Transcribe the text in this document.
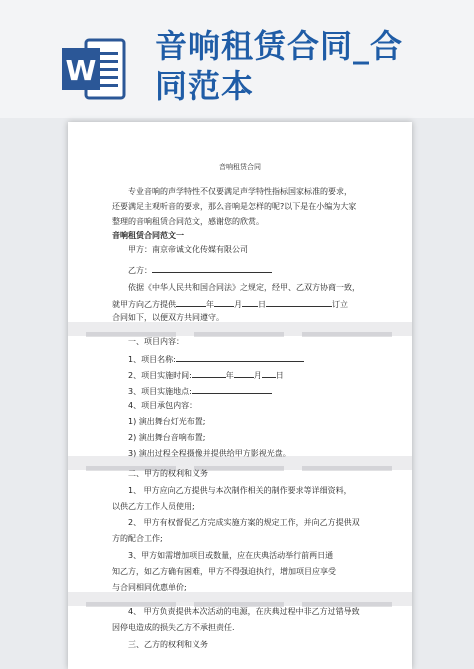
W
音响租赁合同_合
同范本
音响租赁合同
专业音响的声学特性不仅要满足声学特性指标国家标准的要求，
还要满足主观听音的要求，那么音响是怎样的呢?以下是在小编为大家
整理的音响租赁合同范文，感谢您的欣赏。
音响租赁合同范文一
甲方：南京帝诚文化传媒有限公司
乙方：
依据《中华人民共和国合同法》之规定，经甲、乙双方协商一致，
就甲方向乙方提供	年	月 日	订立
合同如下，以便双方共同遵守。
一、项目内容：
1、项目名称:
2、项目实施时间:	年	月 日
3、项目实施地点:
4、项目承包内容：
1) 演出舞台灯光布置;
2) 演出舞台音响布置;
3) 演出过程全程摄像并提供给甲方影视光盘。
二、甲方的权利和义务
1、 甲方应向乙方提供与本次制作相关的制作要求等详细资料，
以供乙方工作人员使用;
2、 甲方有权督促乙方完成实施方案的规定工作，并向乙方提供双
方的配合工作;
3、甲方如需增加项目或数量，应在庆典活动举行前两日通
知乙方，如乙方确有困难，甲方不得强迫执行，增加项目应享受
与合同相同优惠单价;
4、 甲方负责提供本次活动的电源，在庆典过程中非乙方过错导致
因停电造成的损失乙方不承担责任.
三、乙方的权利和义务
